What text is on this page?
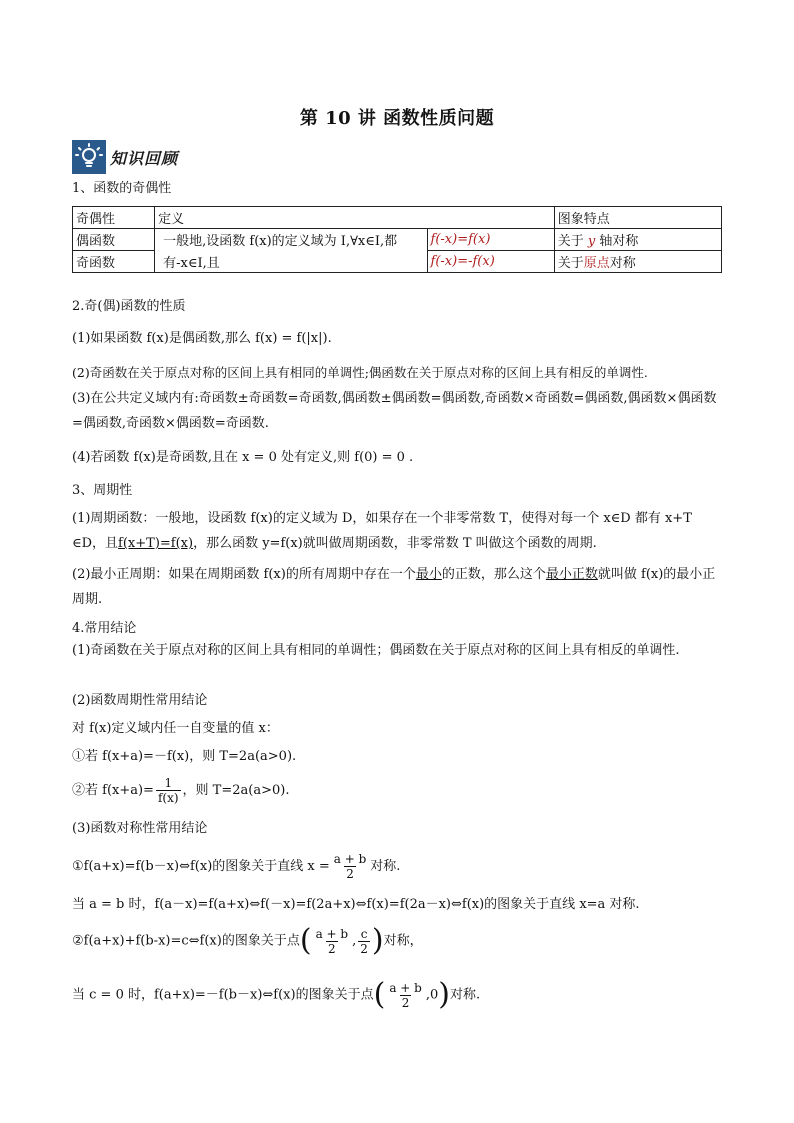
第 10 讲 函数性质问题
知识回顾
1、函数的奇偶性
奇偶性	定义		图象特点
偶函数	一般地,设函数 f(x)的定义域为 I,∀x∈I,都	f(-x)=f(x)	关于 y 轴对称
奇函数	有-x∈I,且	f(-x)=-f(x)	关于原点对称
2.奇(偶)函数的性质
(1)如果函数 f(x)是偶函数,那么 f(x) = f(|x|).
(2)奇函数在关于原点对称的区间上具有相同的单调性;偶函数在关于原点对称的区间上具有相反的单调性.
(3)在公共定义域内有:奇函数±奇函数=奇函数,偶函数±偶函数=偶函数,奇函数×奇函数=偶函数,偶函数×偶函数=偶函数,奇函数×偶函数=奇函数.
(4)若函数 f(x)是奇函数,且在 x = 0 处有定义,则 f(0) = 0 .
3、周期性
(1)周期函数：一般地，设函数 f(x)的定义域为 D，如果存在一个非零常数 T，使得对每一个 x∈D 都有 x+T ∈D，且f(x+T)=f(x)，那么函数 y=f(x)就叫做周期函数，非零常数 T 叫做这个函数的周期.
(2)最小正周期：如果在周期函数 f(x)的所有周期中存在一个最小的正数，那么这个最小正数就叫做 f(x)的最小正周期.
4.常用结论
(1)奇函数在关于原点对称的区间上具有相同的单调性；偶函数在关于原点对称的区间上具有相反的单调性.
(2)函数周期性常用结论
对 f(x)定义域内任一自变量的值 x：
①若 f(x+a)=－f(x)，则 T=2a(a>0).
②若 $f(x+a)= \frac{1}{f(x)}$ ，则 T=2a(a>0).
(3)函数对称性常用结论
①f(a+x)=f(b－x)⇔f(x)的图象关于直线 $x = \frac{a + b}{2}$ 对称.
当 a = b 时，f(a－x)=f(a+x)⇔f(－x)=f(2a+x)⇔f(x)=f(2a－x)⇔f(x)的图象关于直线 x=a 对称.
②f(a+x)+f(b-x)=c⇔f(x)的图象关于点( $\frac{a + b}{2}$ , $\frac{c}{2}$ )对称，
当 c = 0 时，f(a+x)=－f(b－x)⇔f(x)的图象关于点( $\frac{a + b}{2} ,0$)对称.
